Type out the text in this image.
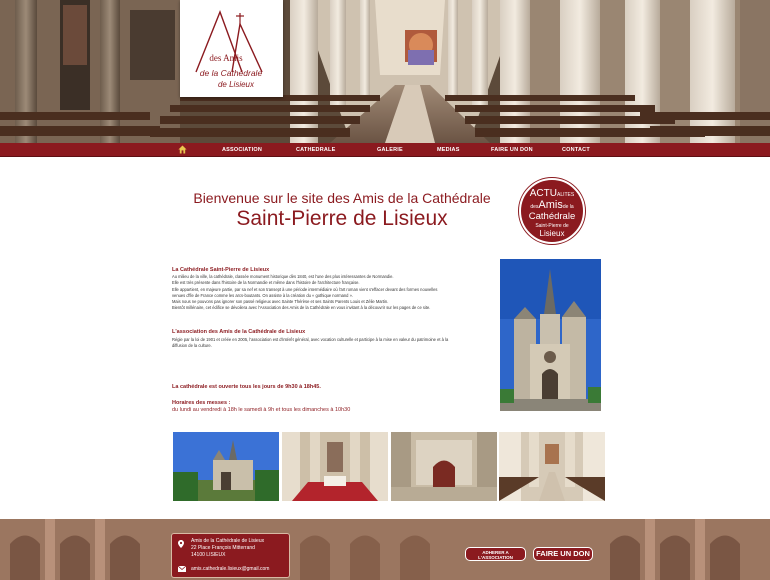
des Amis
de la Cathédrale
de Lisieux
ASSOCIATION	CATHEDRALE	GALERIE	MEDIAS	FAIRE UN DON	CONTACT
Bienvenue sur le site des Amis de la Cathédrale
Saint-Pierre de Lisieux
ACTUALITES
desAmisde la
Cathédrale
Saint-Pierre de
Lisieux
La Cathédrale Saint-Pierre de Lisieux
Au milieu de la ville, la cathédrale, classée monument historique dès 1840, est l'une des plus intéressantes de Normandie.
Elle est très présente dans l'histoire de la Normandie et même dans l'histoire de l'architecture française.
Elle appartient, en majeure partie, par sa nef et son transept à une période intermédiaire où l'art roman vient s'effacer devant des formes nouvelles
venues d'Île de France comme les arcs-boutants. On assiste à la création du « gothique normand ».
Mais nous ne pouvons pas ignorer son passé religieux avec Sainte Thérèse et ses Saints Parents Louis et Zélie Martin.
Bientôt millénaire, cet édifice se dévoilera avec l'Association des Amis de la Cathédrale en vous invitant à la découvrir sur les pages de ce site.
L'association des Amis de la Cathédrale de Lisieux
Régie par la loi de 1901 et créée en 2005, l'association est d'intérêt général, avec vocation culturelle et participe à la mise en valeur du patrimoine et à la
diffusion de la culture.
La cathédrale est ouverte tous les jours de 9h30 à 18h45.
Horaires des messes :
du lundi au vendredi à 18h le samedi à 9h et tous les dimanches à 10h30
Amis de la Cathédrale de Lisieux
22 Place François Mitterrand
14100 LISIEUX
amis.cathedrale.lisieux@gmail.com
ADHERER A
L'ASSOCIATION	FAIRE UN DON
